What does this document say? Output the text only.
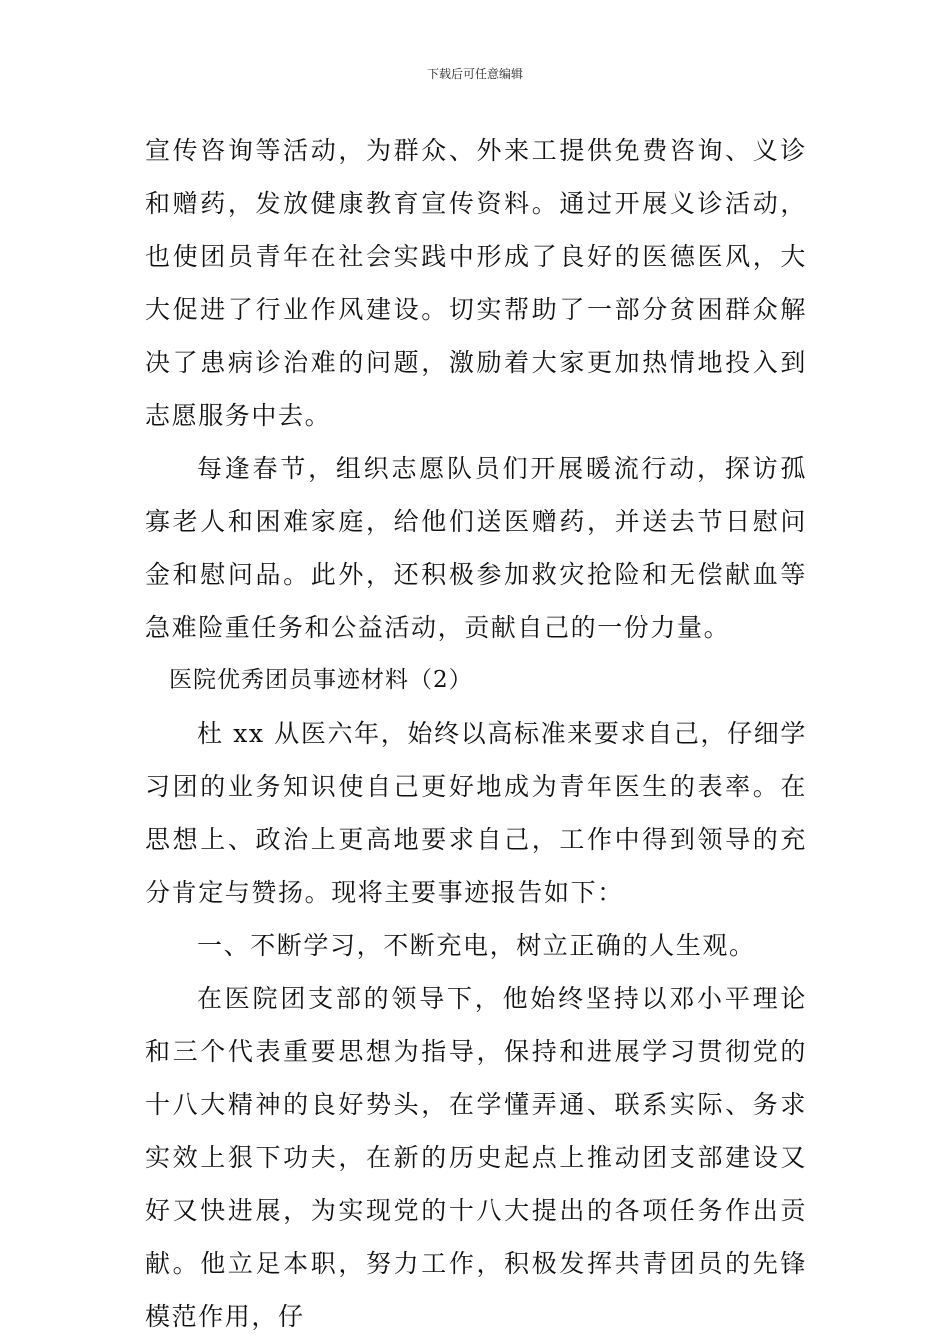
下载后可任意编辑

宣传咨询等活动，为群众、外来工提供免费咨询、义诊和赠药，发放健康教育宣传资料。通过开展义诊活动，也使团员青年在社会实践中形成了良好的医德医风，大大促进了行业作风建设。切实帮助了一部分贫困群众解决了患病诊治难的问题，激励着大家更加热情地投入到志愿服务中去。

每逢春节，组织志愿队员们开展暖流行动，探访孤寡老人和困难家庭，给他们送医赠药，并送去节日慰问金和慰问品。此外，还积极参加救灾抢险和无偿献血等急难险重任务和公益活动，贡献自己的一份力量。

医院优秀团员事迹材料（2）

杜 xx 从医六年，始终以高标准来要求自己，仔细学习团的业务知识使自己更好地成为青年医生的表率。在思想上、政治上更高地要求自己，工作中得到领导的充分肯定与赞扬。现将主要事迹报告如下：

一、不断学习，不断充电，树立正确的人生观。

在医院团支部的领导下，他始终坚持以邓小平理论和三个代表重要思想为指导，保持和进展学习贯彻党的十八大精神的良好势头，在学懂弄通、联系实际、务求实效上狠下功夫，在新的历史起点上推动团支部建设又好又快进展，为实现党的十八大提出的各项任务作出贡献。他立足本职，努力工作，积极发挥共青团员的先锋模范作用，仔
